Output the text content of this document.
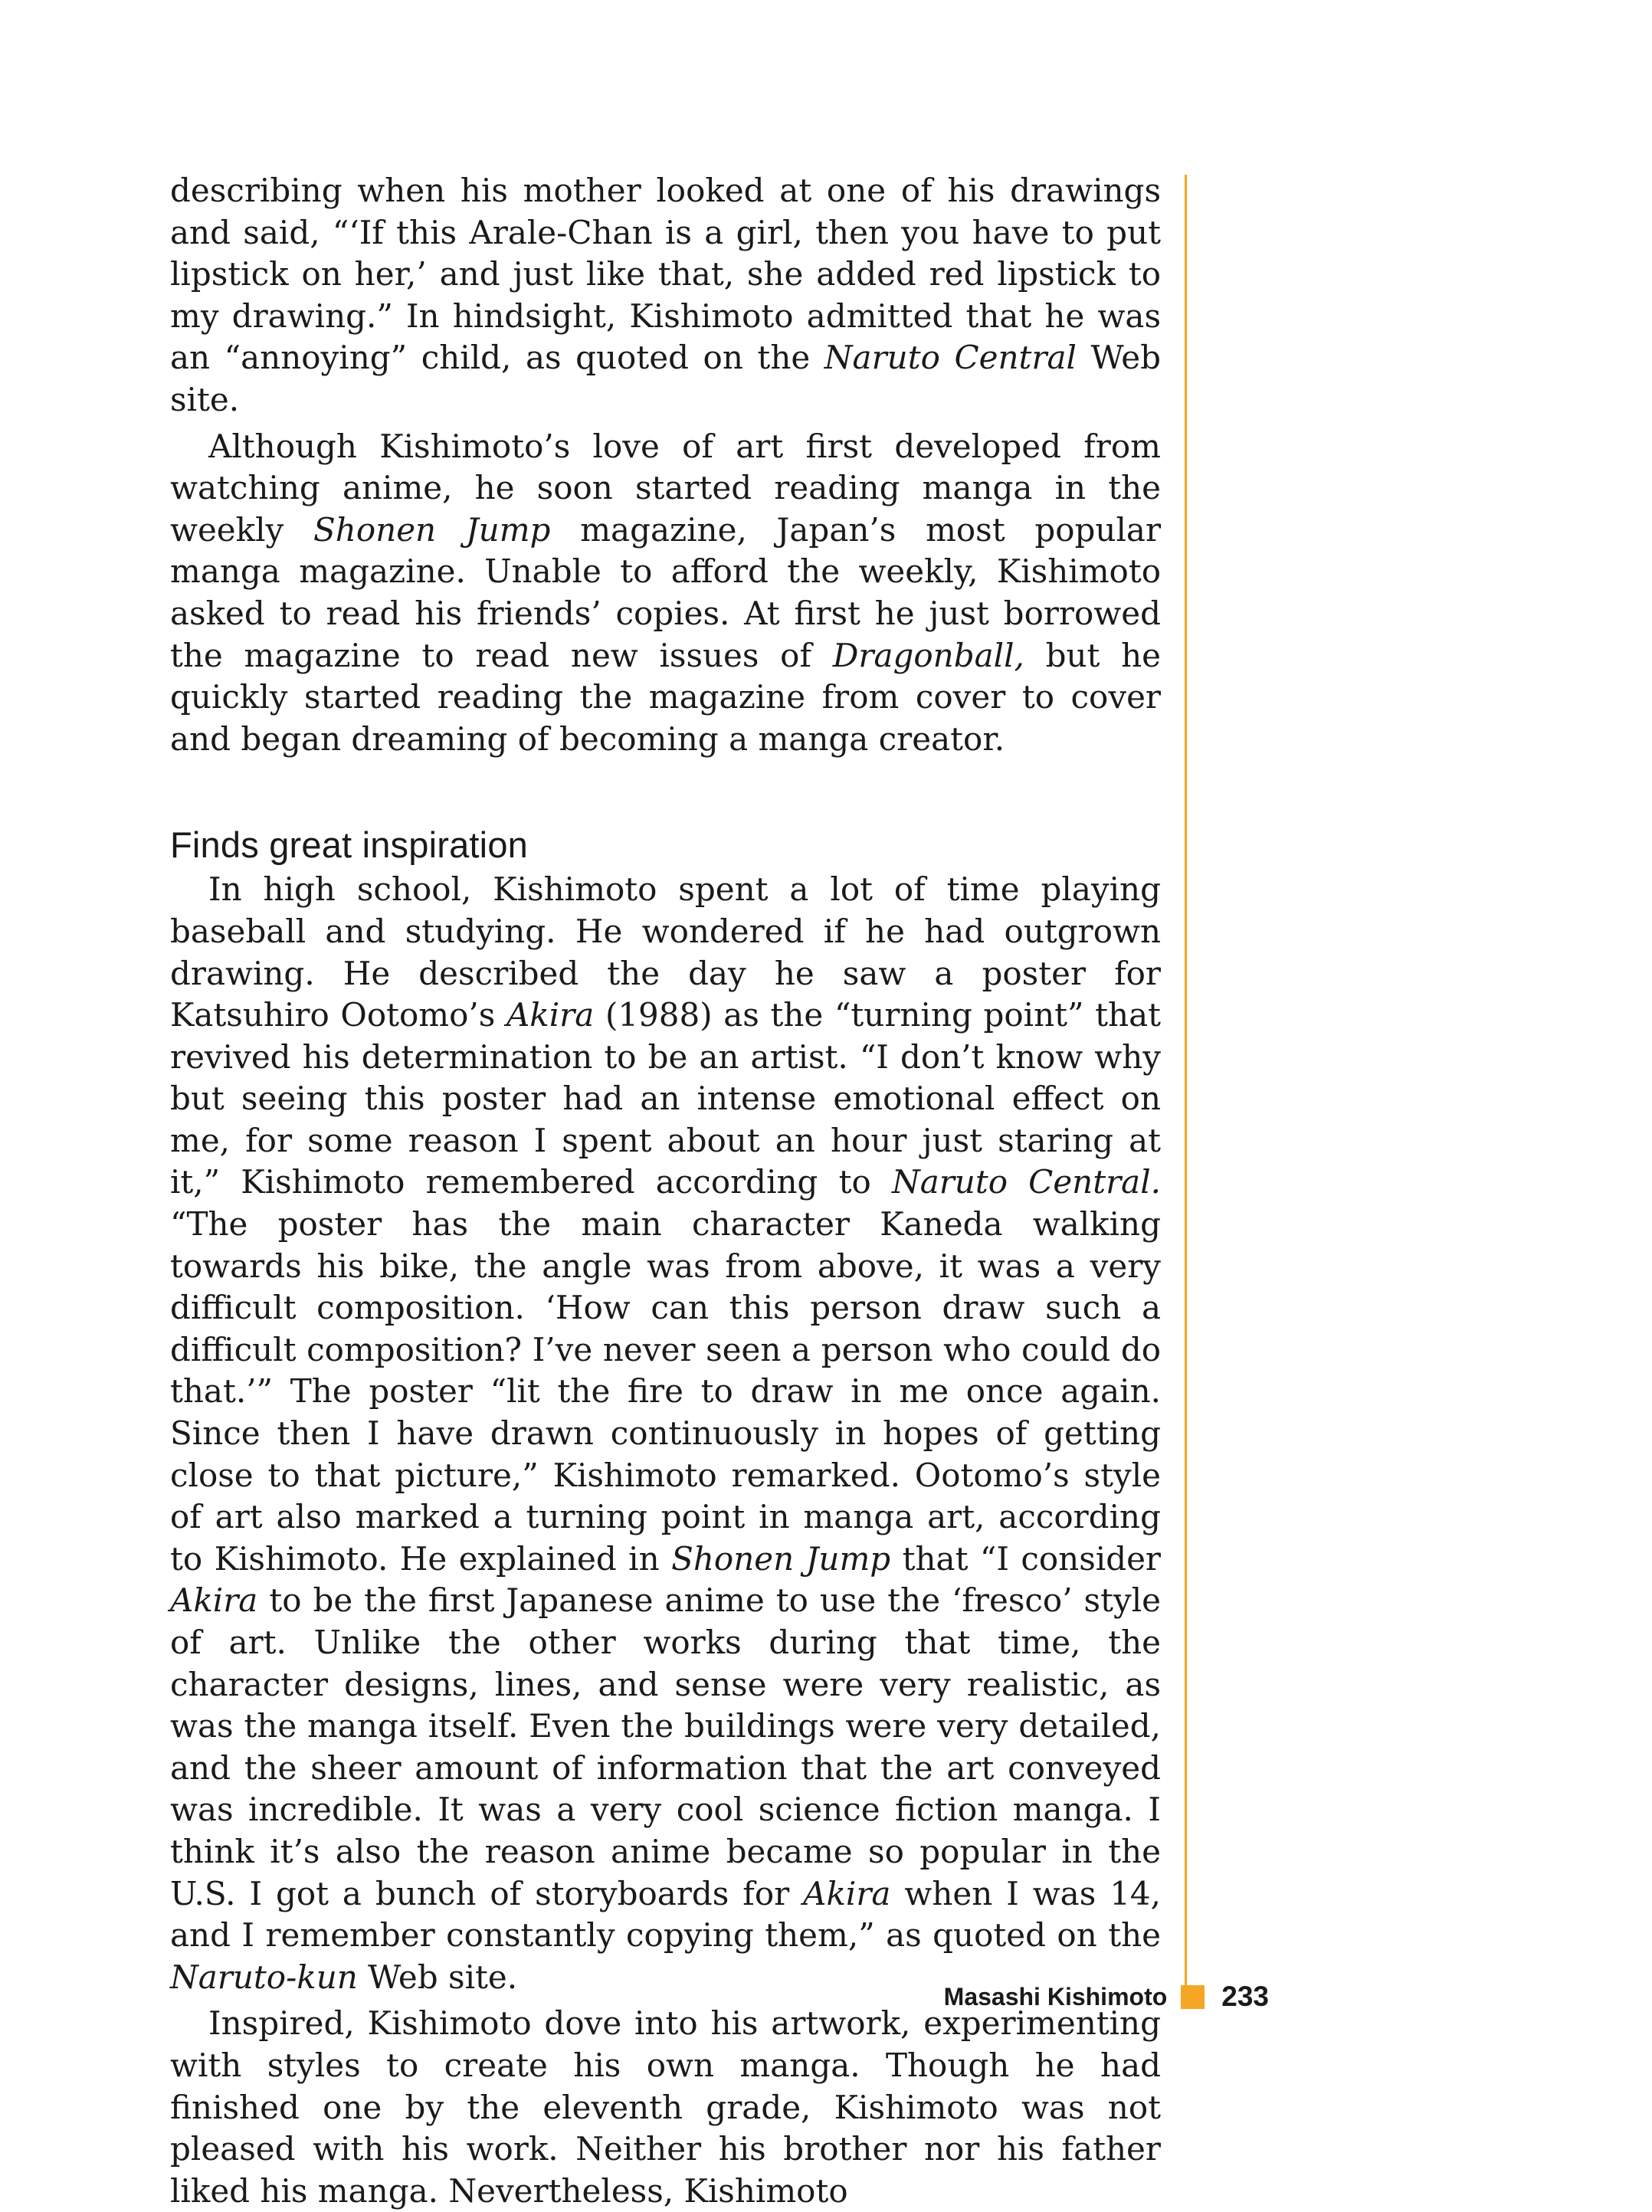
describing when his mother looked at one of his drawings and said, “‘If this Arale-Chan is a girl, then you have to put lipstick on her,’ and just like that, she added red lipstick to my drawing.” In hindsight, Kishimoto admitted that he was an “annoying” child, as quoted on the Naruto Central Web site.

Although Kishimoto’s love of art first developed from watching anime, he soon started reading manga in the weekly Shonen Jump magazine, Japan’s most popular manga magazine. Unable to afford the weekly, Kishimoto asked to read his friends’ copies. At first he just borrowed the magazine to read new issues of Dragonball, but he quickly started reading the magazine from cover to cover and began dreaming of becoming a manga creator.

Finds great inspiration

In high school, Kishimoto spent a lot of time playing baseball and studying. He wondered if he had outgrown drawing. He described the day he saw a poster for Katsuhiro Ootomo’s Akira (1988) as the “turning point” that revived his determination to be an artist. “I don’t know why but seeing this poster had an intense emotional effect on me, for some reason I spent about an hour just staring at it,” Kishimoto remembered according to Naruto Central. “The poster has the main character Kaneda walking towards his bike, the angle was from above, it was a very difficult composition. ‘How can this person draw such a difficult composition? I’ve never seen a person who could do that.’” The poster “lit the fire to draw in me once again. Since then I have drawn continuously in hopes of getting close to that picture,” Kishimoto remarked. Ootomo’s style of art also marked a turning point in manga art, according to Kishimoto. He explained in Shonen Jump that “I consider Akira to be the first Japanese anime to use the ‘fresco’ style of art. Unlike the other works during that time, the character designs, lines, and sense were very realistic, as was the manga itself. Even the buildings were very detailed, and the sheer amount of information that the art conveyed was incredible. It was a very cool science fiction manga. I think it’s also the reason anime became so popular in the U.S. I got a bunch of storyboards for Akira when I was 14, and I remember constantly copying them,” as quoted on the Naruto-kun Web site.

Inspired, Kishimoto dove into his artwork, experimenting with styles to create his own manga. Though he had finished one by the eleventh grade, Kishimoto was not pleased with his work. Neither his brother nor his father liked his manga. Nevertheless, Kishimoto

Masashi Kishimoto 233
